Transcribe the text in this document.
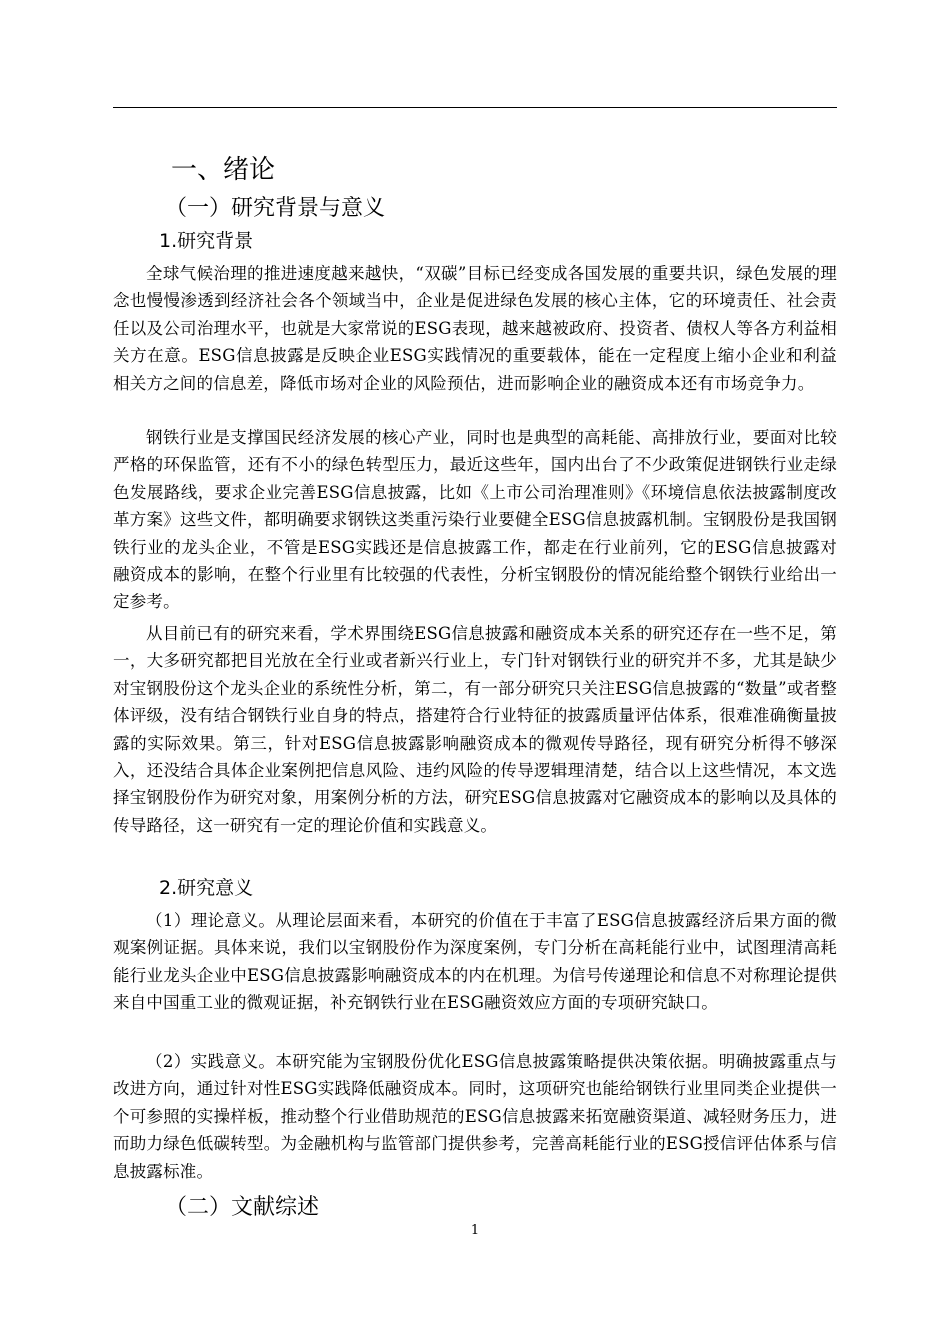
一、绪论
（一）研究背景与意义
1.研究背景

全球气候治理的推进速度越来越快，“双碳”目标已经变成各国发展的重要共识，绿色发展的理念也慢慢渗透到经济社会各个领域当中，企业是促进绿色发展的核心主体，它的环境责任、社会责任以及公司治理水平，也就是大家常说的ESG表现，越来越被政府、投资者、债权人等各方利益相关方在意。ESG信息披露是反映企业ESG实践情况的重要载体，能在一定程度上缩小企业和利益相关方之间的信息差，降低市场对企业的风险预估，进而影响企业的融资成本还有市场竞争力。

钢铁行业是支撑国民经济发展的核心产业，同时也是典型的高耗能、高排放行业，要面对比较严格的环保监管，还有不小的绿色转型压力，最近这些年，国内出台了不少政策促进钢铁行业走绿色发展路线，要求企业完善ESG信息披露，比如《上市公司治理准则》《环境信息依法披露制度改革方案》这些文件，都明确要求钢铁这类重污染行业要健全ESG信息披露机制。宝钢股份是我国钢铁行业的龙头企业，不管是ESG实践还是信息披露工作，都走在行业前列，它的ESG信息披露对融资成本的影响，在整个行业里有比较强的代表性，分析宝钢股份的情况能给整个钢铁行业给出一定参考。

从目前已有的研究来看，学术界围绕ESG信息披露和融资成本关系的研究还存在一些不足，第一，大多研究都把目光放在全行业或者新兴行业上，专门针对钢铁行业的研究并不多，尤其是缺少对宝钢股份这个龙头企业的系统性分析，第二，有一部分研究只关注ESG信息披露的“数量”或者整体评级，没有结合钢铁行业自身的特点，搭建符合行业特征的披露质量评估体系，很难准确衡量披露的实际效果。第三，针对ESG信息披露影响融资成本的微观传导路径，现有研究分析得不够深入，还没结合具体企业案例把信息风险、违约风险的传导逻辑理清楚，结合以上这些情况，本文选择宝钢股份作为研究对象，用案例分析的方法，研究ESG信息披露对它融资成本的影响以及具体的传导路径，这一研究有一定的理论价值和实践意义。

2.研究意义

（1）理论意义。从理论层面来看，本研究的价值在于丰富了ESG信息披露经济后果方面的微观案例证据。具体来说，我们以宝钢股份作为深度案例，专门分析在高耗能行业中，试图理清高耗能行业龙头企业中ESG信息披露影响融资成本的内在机理。为信号传递理论和信息不对称理论提供来自中国重工业的微观证据，补充钢铁行业在ESG融资效应方面的专项研究缺口。

（2）实践意义。本研究能为宝钢股份优化ESG信息披露策略提供决策依据。明确披露重点与改进方向，通过针对性ESG实践降低融资成本。同时，这项研究也能给钢铁行业里同类企业提供一个可参照的实操样板，推动整个行业借助规范的ESG信息披露来拓宽融资渠道、减轻财务压力，进而助力绿色低碳转型。为金融机构与监管部门提供参考，完善高耗能行业的ESG授信评估体系与信息披露标准。

（二）文献综述
1
